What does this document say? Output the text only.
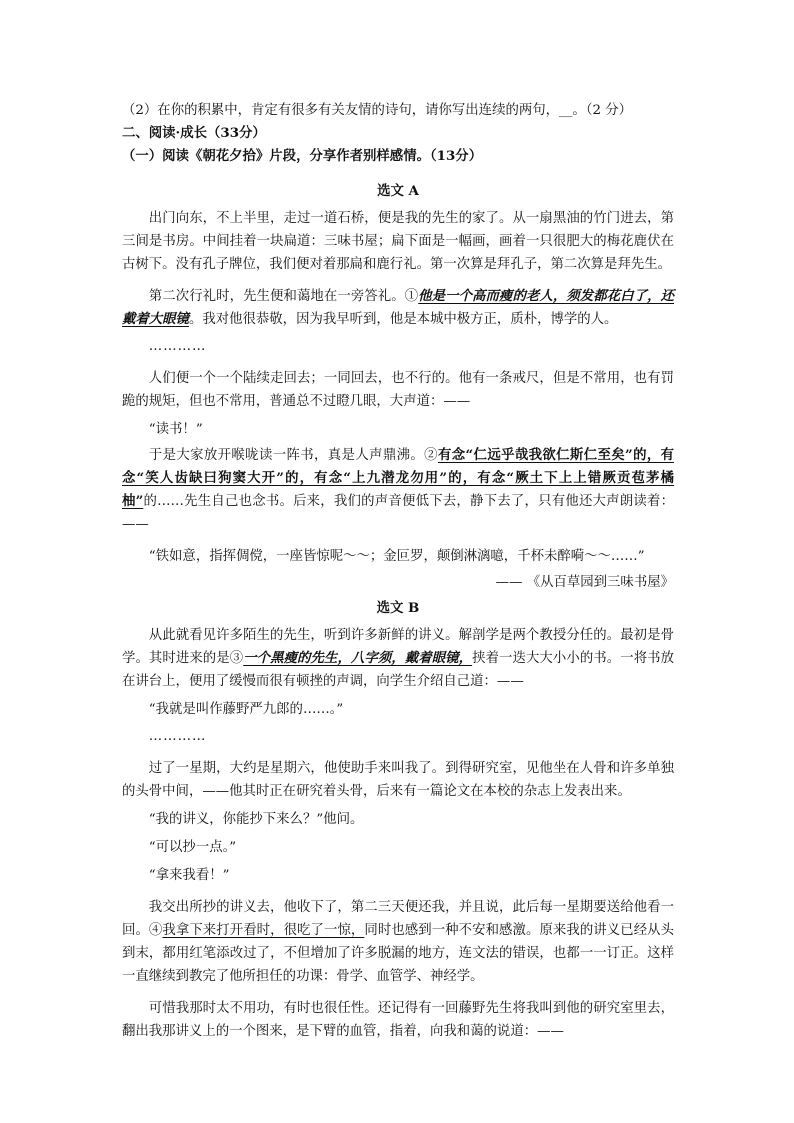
（2）在你的积累中，肯定有很多有关友情的诗句，请你写出连续的两句，__。（2 分）

二、阅读·成长（33分）

（一）阅读《朝花夕拾》片段，分享作者别样感情。（13分）

选文 A

出门向东，不上半里，走过一道石桥，便是我的先生的家了。从一扇黑油的竹门进去，第三间是书房。中间挂着一块扁道：三味书屋；扁下面是一幅画，画着一只很肥大的梅花鹿伏在古树下。没有孔子牌位，我们便对着那扁和鹿行礼。第一次算是拜孔子，第二次算是拜先生。

第二次行礼时，先生便和蔼地在一旁答礼。①他是一个高而瘦的老人，须发都花白了，还戴着大眼镜。我对他很恭敬，因为我早听到，他是本城中极方正，质朴，博学的人。

…………

人们便一个一个陆续走回去；一同回去，也不行的。他有一条戒尺，但是不常用，也有罚跪的规矩，但也不常用，普通总不过瞪几眼，大声道：——

“读书！”

于是大家放开喉咙读一阵书，真是人声鼎沸。②有念“仁远乎哉我欲仁斯仁至矣”的，有念“笑人齿缺曰狗窦大开”的，有念“上九潜龙勿用”的，有念“厥土下上上错厥贡苞茅橘柚”的……先生自己也念书。后来，我们的声音便低下去，静下去了，只有他还大声朗读着：——

“铁如意，指挥倜傥，一座皆惊呢～～；金叵罗，颠倒淋漓噫，千杯未醉嗬～～……”

—— 《从百草园到三味书屋》

选文 B

从此就看见许多陌生的先生，听到许多新鲜的讲义。解剖学是两个教授分任的。最初是骨学。其时进来的是③一个黑瘦的先生，八字须，戴着眼镜，挟着一迭大大小小的书。一将书放在讲台上，便用了缓慢而很有顿挫的声调，向学生介绍自己道：——

“我就是叫作藤野严九郎的……。”

…………

过了一星期，大约是星期六，他使助手来叫我了。到得研究室，见他坐在人骨和许多单独的头骨中间，——他其时正在研究着头骨，后来有一篇论文在本校的杂志上发表出来。

“我的讲义，你能抄下来么？”他问。

“可以抄一点。”

“拿来我看！”

我交出所抄的讲义去，他收下了，第二三天便还我，并且说，此后每一星期要送给他看一回。④我拿下来打开看时，很吃了一惊，同时也感到一种不安和感激。原来我的讲义已经从头到末，都用红笔添改过了，不但增加了许多脱漏的地方，连文法的错误，也都一一订正。这样一直继续到教完了他所担任的功课：骨学、血管学、神经学。

可惜我那时太不用功，有时也很任性。还记得有一回藤野先生将我叫到他的研究室里去，翻出我那讲义上的一个图来，是下臂的血管，指着，向我和蔼的说道：——
